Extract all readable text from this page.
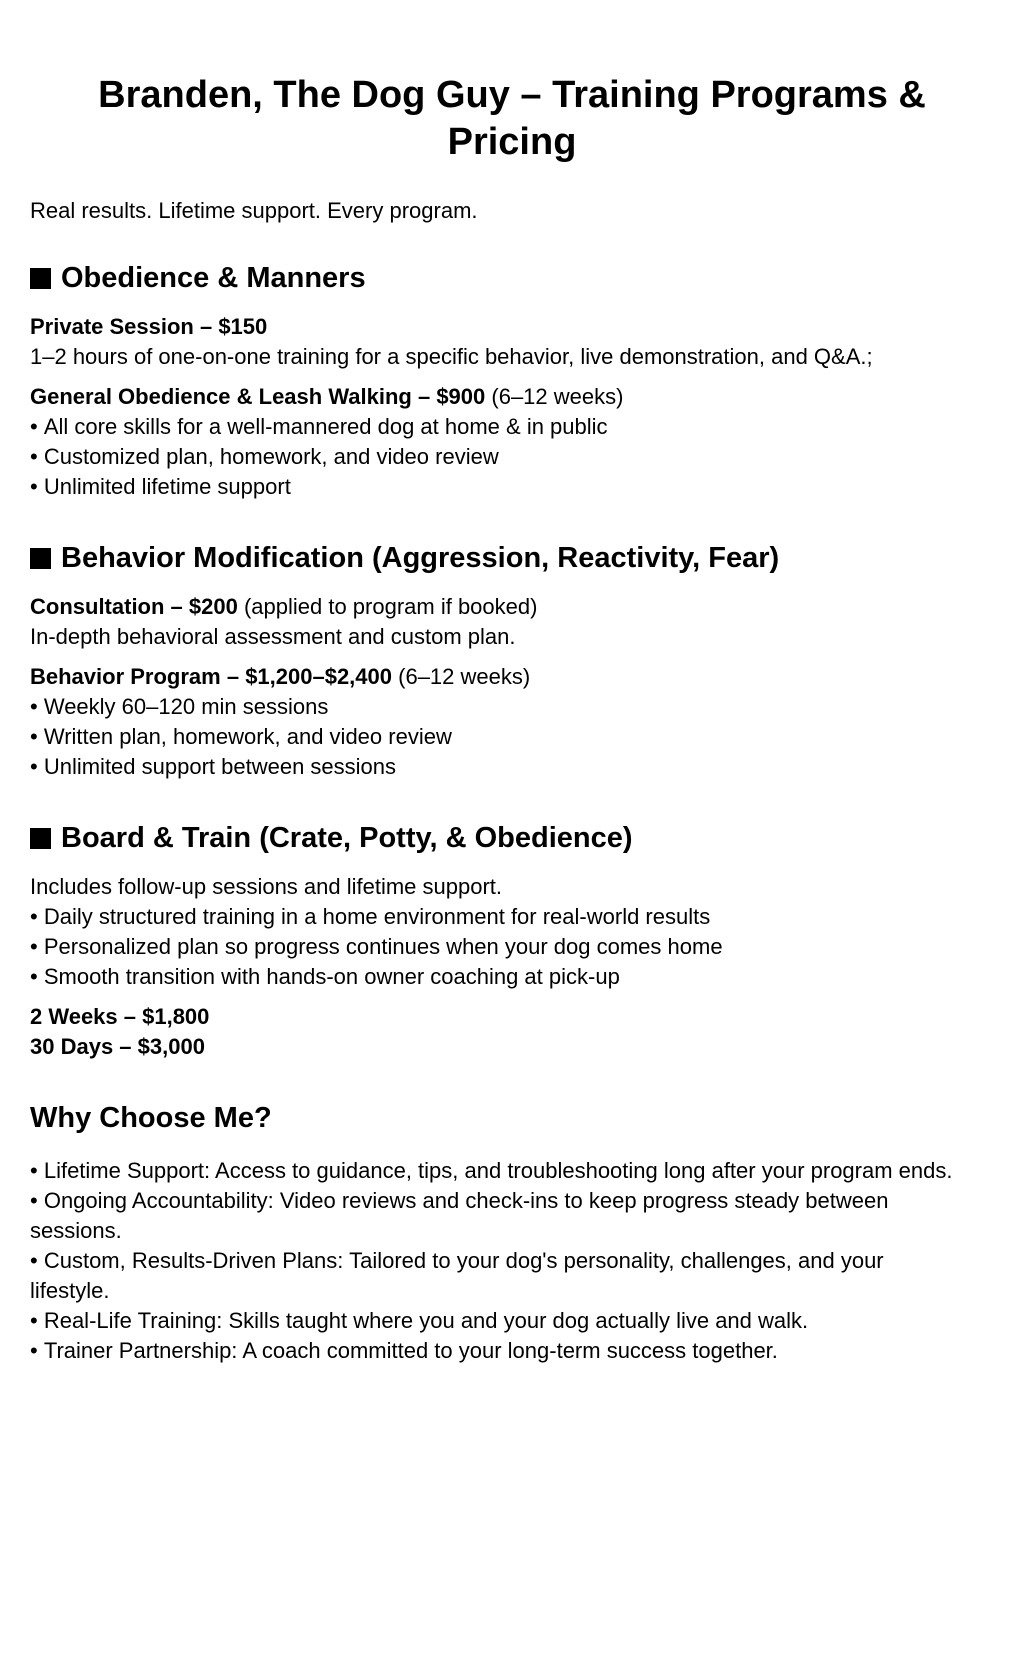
Branden, The Dog Guy – Training Programs & Pricing

Real results. Lifetime support. Every program.

Obedience & Manners

Private Session – $150

1–2 hours of one-on-one training for a specific behavior, live demonstration, and Q&A.;

General Obedience & Leash Walking – $900 (6–12 weeks)

• All core skills for a well-mannered dog at home & in public
• Customized plan, homework, and video review
• Unlimited lifetime support
Behavior Modification (Aggression, Reactivity, Fear)

Consultation – $200 (applied to program if booked)

In-depth behavioral assessment and custom plan.

Behavior Program – $1,200–$2,400 (6–12 weeks)

• Weekly 60–120 min sessions
• Written plan, homework, and video review
• Unlimited support between sessions
Board & Train (Crate, Potty, & Obedience)

Includes follow-up sessions and lifetime support.

• Daily structured training in a home environment for real-world results
• Personalized plan so progress continues when your dog comes home
• Smooth transition with hands-on owner coaching at pick-up

2 Weeks – $1,800

30 Days – $3,000

Why Choose Me?
• Lifetime Support: Access to guidance, tips, and troubleshooting long after your program ends.
• Ongoing Accountability: Video reviews and check-ins to keep progress steady between sessions.
• Custom, Results-Driven Plans: Tailored to your dog's personality, challenges, and your lifestyle.
• Real-Life Training: Skills taught where you and your dog actually live and walk.
• Trainer Partnership: A coach committed to your long-term success together.
